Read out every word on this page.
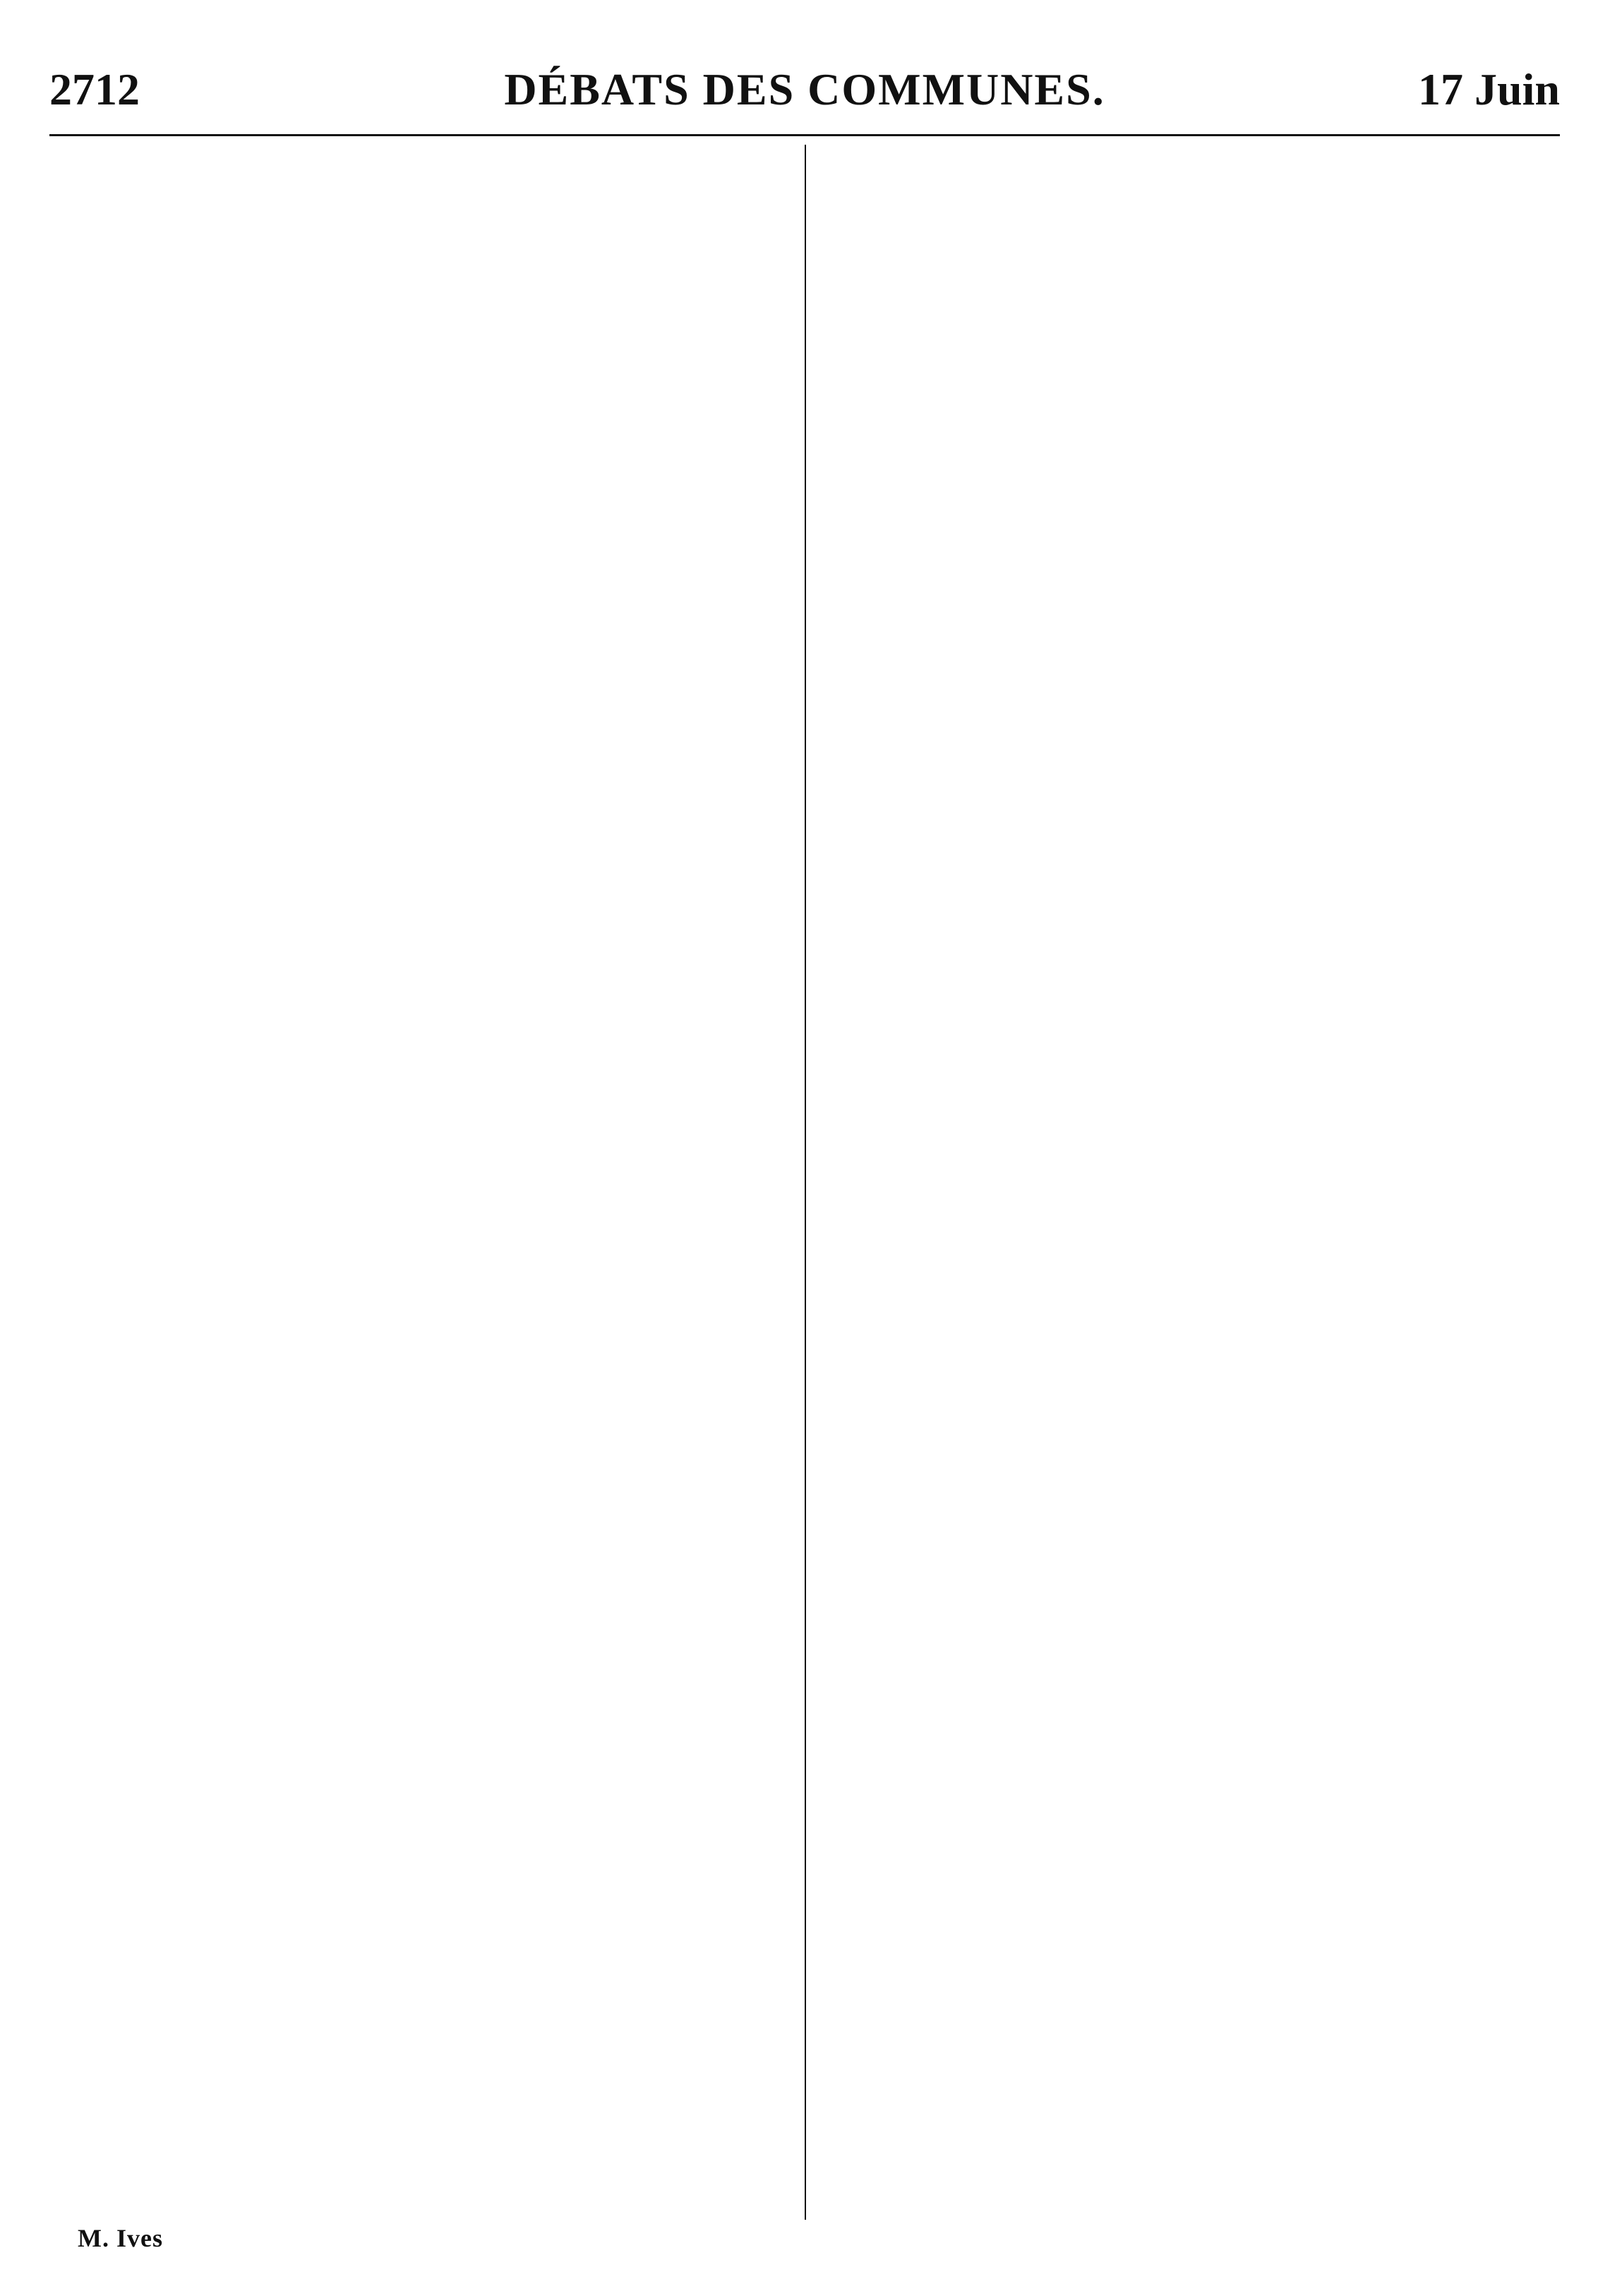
2712	DÉBATS DES COMMUNES.	17 Juin
M. Ives
